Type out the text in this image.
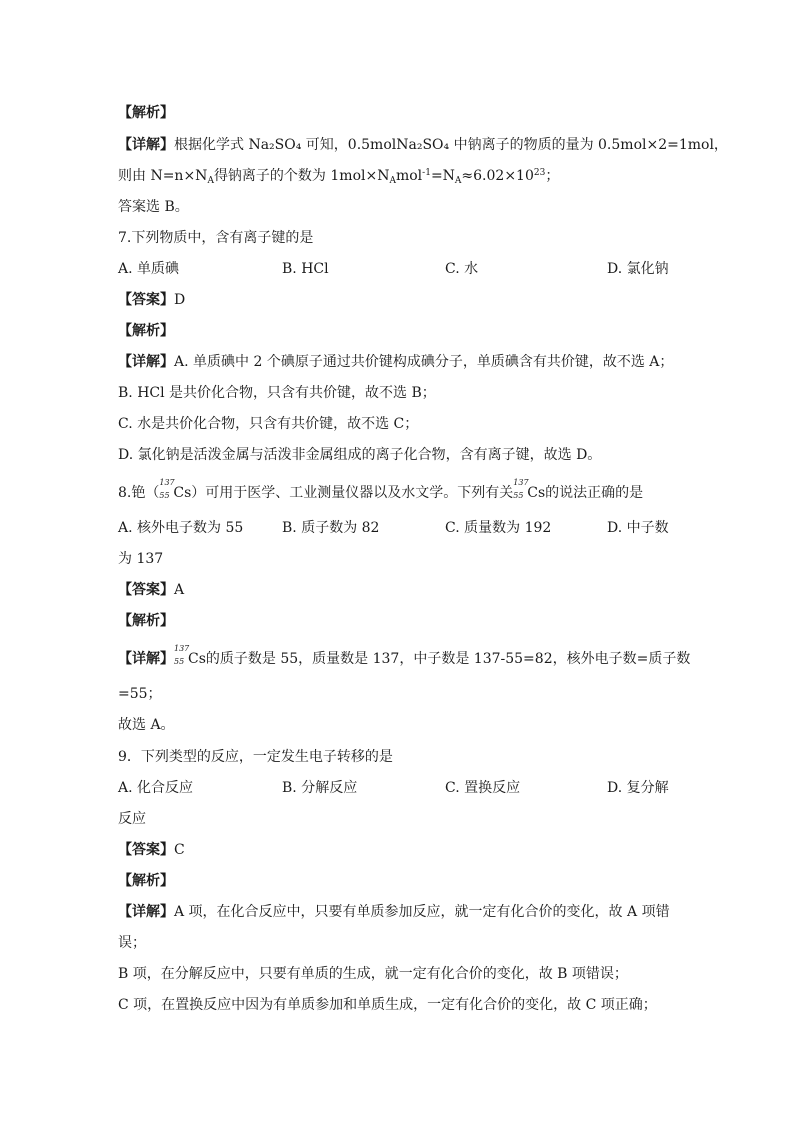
【解析】
【详解】根据化学式 Na₂SO₄ 可知，0.5molNa₂SO₄ 中钠离子的物质的量为 0.5mol×2=1mol，
则由 $N=n\times N_A$得钠离子的个数为 $1mol\times N_Amol^{-1}=N_A\approx 6.02\times 10^{23}$；
答案选 B。
7.下列物质中，含有离子键的是
A. 单质碘	B. HCl	C. 水	D. 氯化钠
【答案】D
【解析】
【详解】A. 单质碘中 2 个碘原子通过共价键构成碘分子，单质碘含有共价键，故不选 A；
B. HCl 是共价化合物，只含有共价键，故不选 B；
C. 水是共价化合物，只含有共价键，故不选 C；
D. 氯化钠是活泼金属与活泼非金属组成的离子化合物，含有离子键，故选 D。
8.铯（
137
55 Cs）可用于医学、工业测量仪器以及水文学。下列有关
137
55 Cs的说法正确的是
A. 核外电子数为 55	B. 质子数为 82	C. 质量数为 192	D. 中子数
为 137
【答案】A
【解析】
【详解】
137
55 Cs的质子数是 55，质量数是 137，中子数是 137-55=82，核外电子数=质子数
=55；
故选 A。
9．下列类型的反应，一定发生电子转移的是
A. 化合反应	B. 分解反应	C. 置换反应	D. 复分解
反应
【答案】C
【解析】
【详解】A 项，在化合反应中，只要有单质参加反应，就一定有化合价的变化，故 A 项错
误；
B 项，在分解反应中，只要有单质的生成，就一定有化合价的变化，故 B 项错误；
C 项，在置换反应中因为有单质参加和单质生成，一定有化合价的变化，故 C 项正确；
